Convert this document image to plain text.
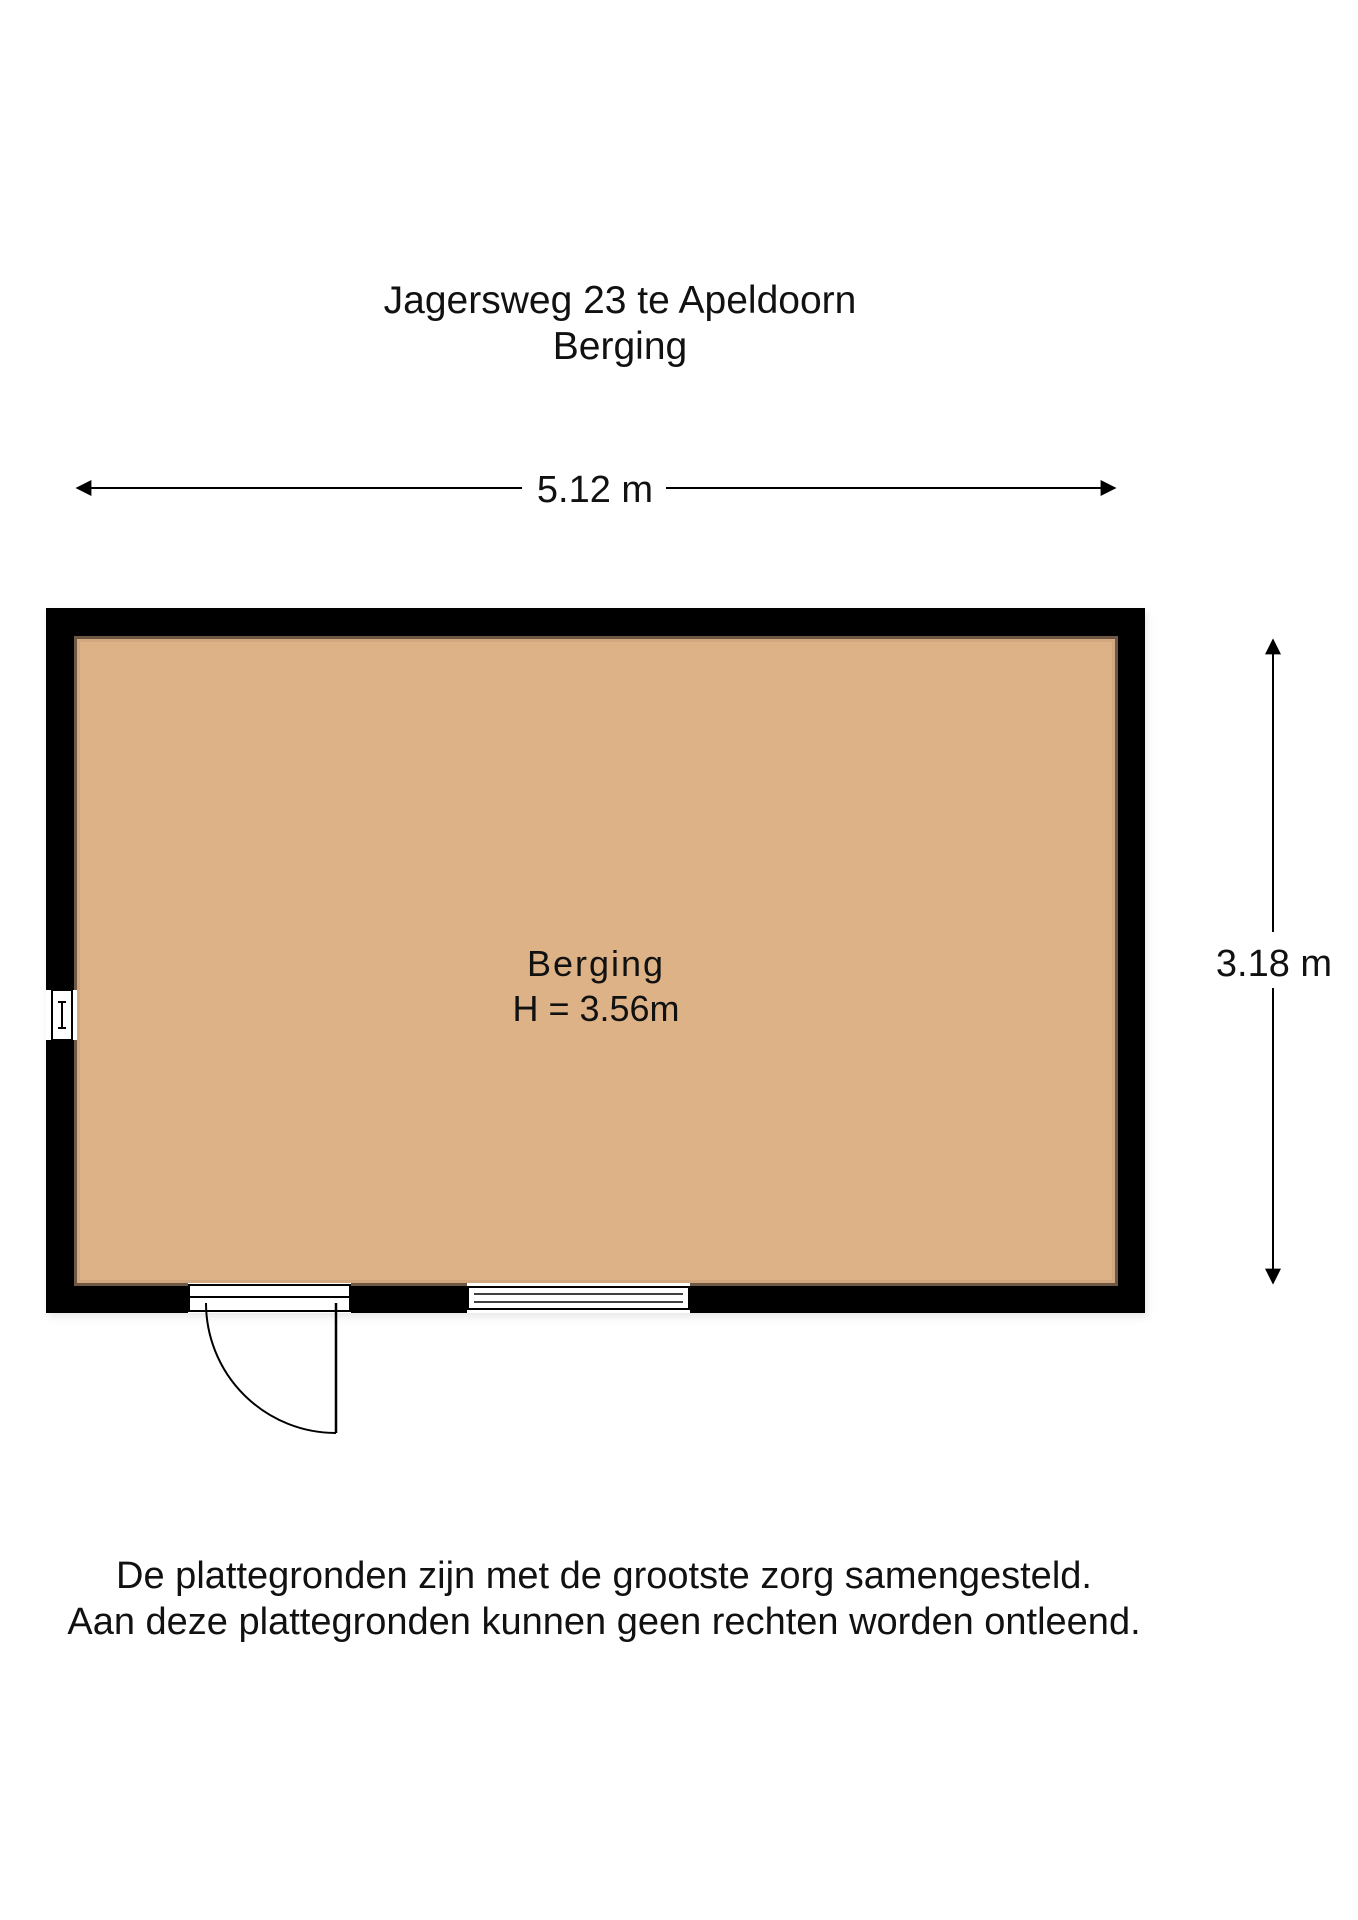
Jagersweg 23 te Apeldoorn
Berging
5.12 m
3.18 m
Berging
H = 3.56m
De plattegronden zijn met de grootste zorg samengesteld.
Aan deze plattegronden kunnen geen rechten worden ontleend.
